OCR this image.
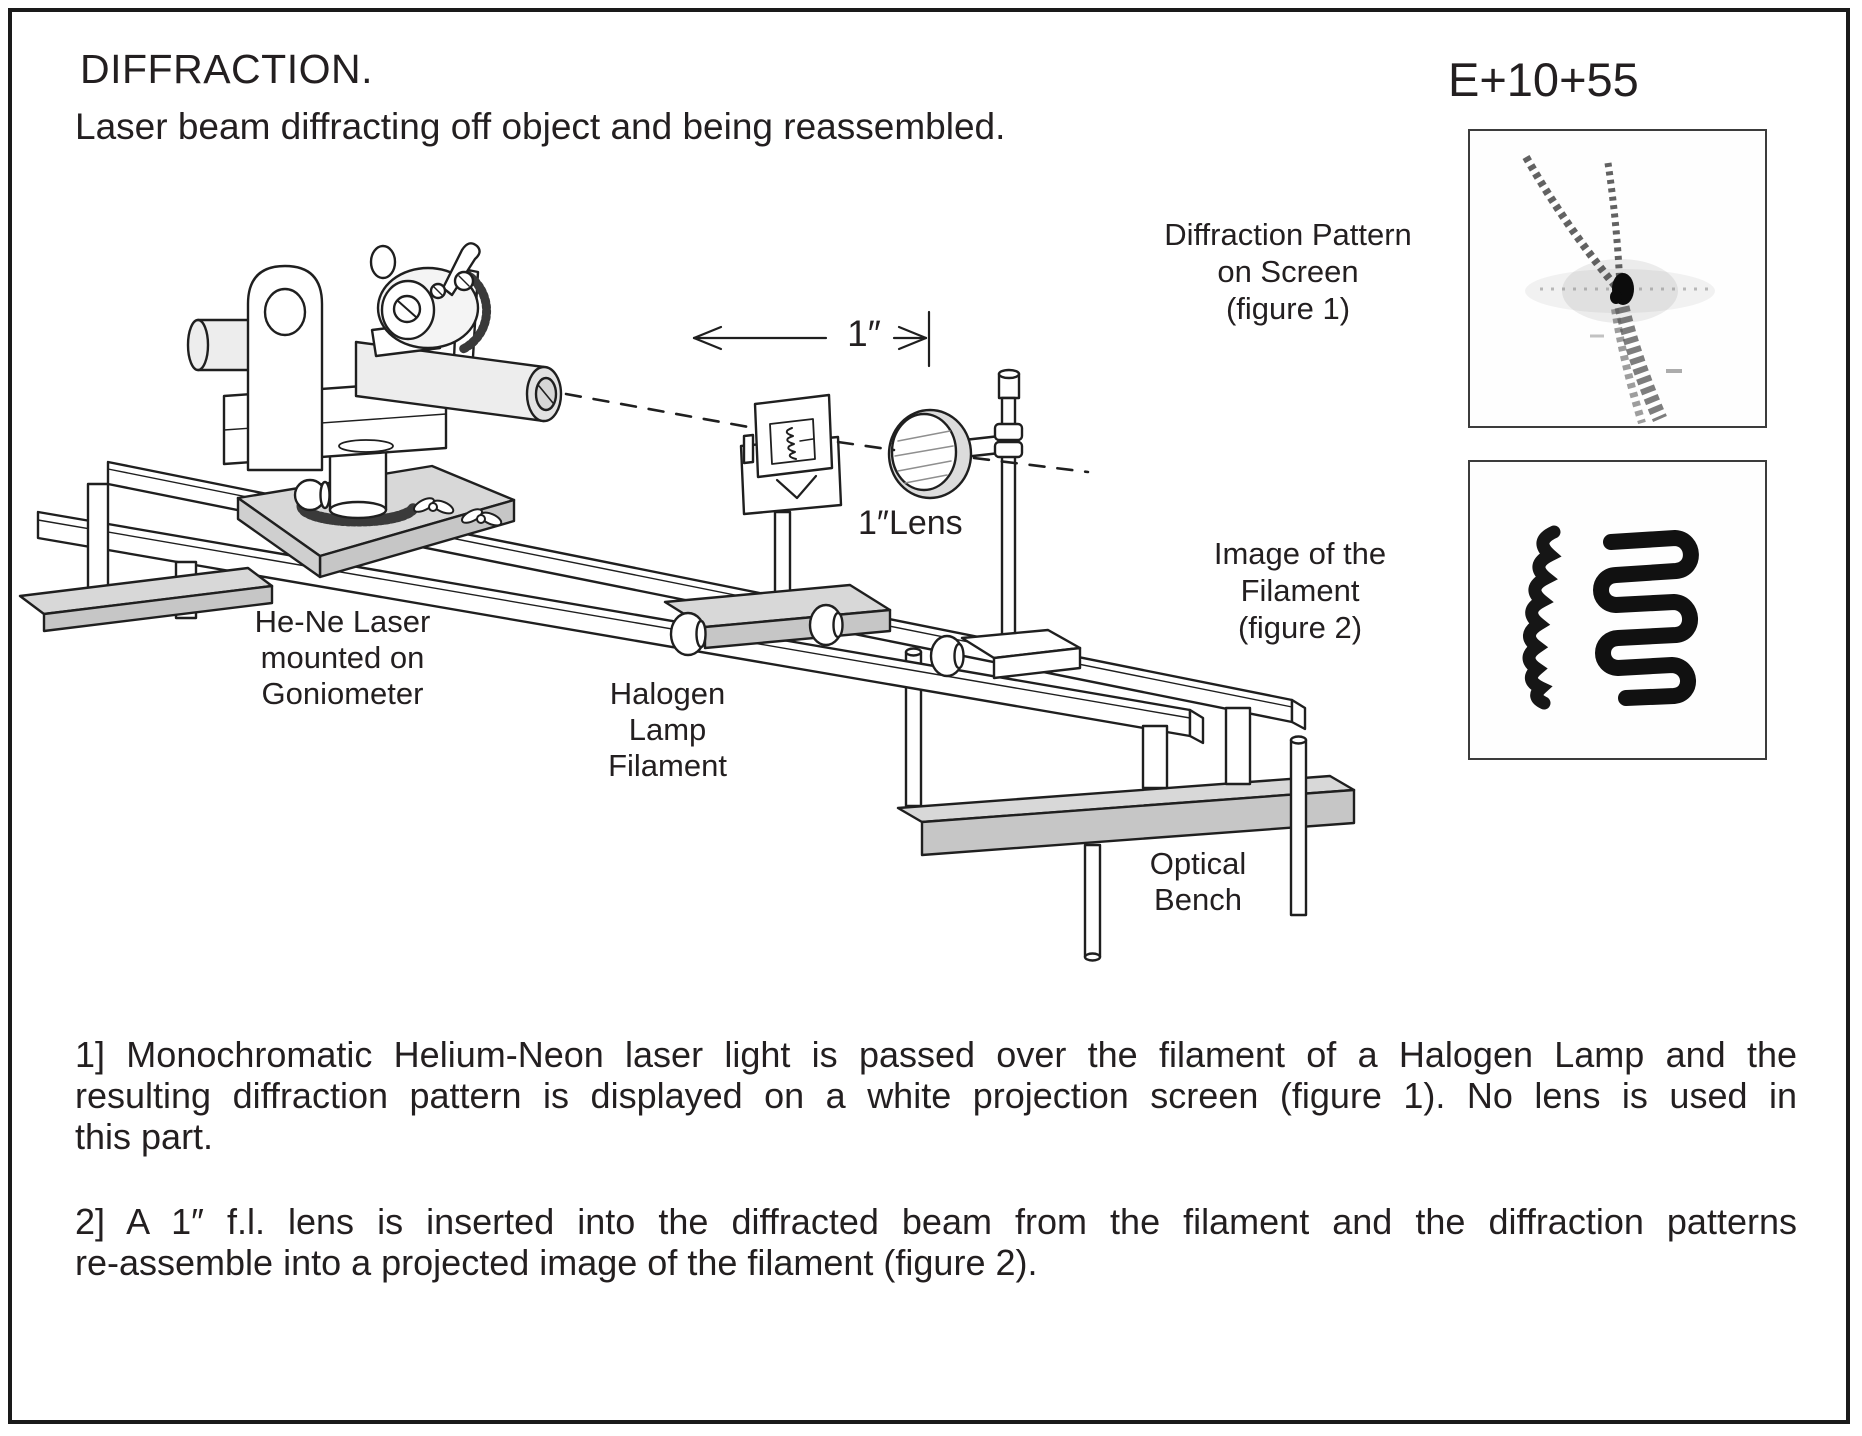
DIFFRACTION.
Laser beam diffracting off object and being reassembled.
E+10+55
1″
1″Lens
He-Ne Laser
mounted on
Goniometer	Halogen
Lamp
Filament
Optical
Bench
Diffraction Pattern
on Screen
(figure 1)
Image of the
Filament
(figure 2)
1] Monochromatic Helium-Neon laser light is passed over the filament of a Halogen Lamp and the
resulting diffraction pattern is displayed on a white projection screen (figure 1). No lens is used in
this part.
2] A 1″ f.l. lens is inserted into the diffracted beam from the filament and the diffraction patterns
re-assemble into a projected image of the filament (figure 2).
